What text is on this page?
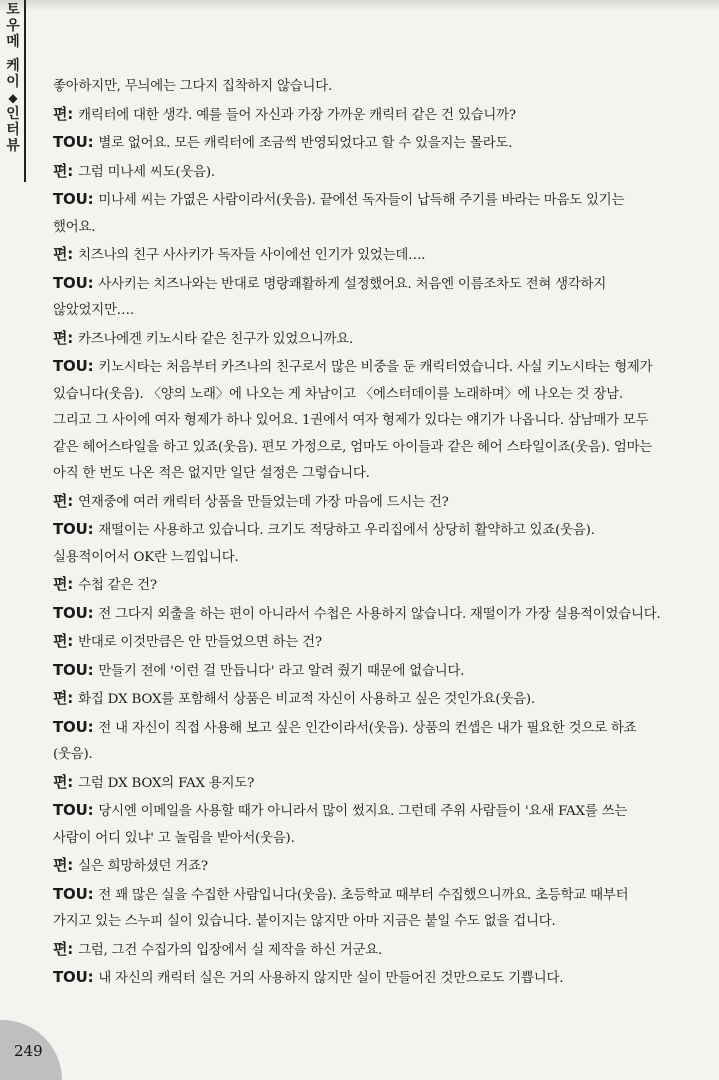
토
우
메
케
이
◆
인
터
뷰

좋아하지만, 무늬에는 그다지 집착하지 않습니다.

편: 캐릭터에 대한 생각. 예를 들어 자신과 가장 가까운 캐릭터 같은 건 있습니까?

TOU: 별로 없어요. 모든 캐릭터에 조금씩 반영되었다고 할 수 있을지는 몰라도.

편: 그럼 미나세 씨도(웃음).

TOU: 미나세 씨는 가엾은 사람이라서(웃음). 끝에선 독자들이 납득해 주기를 바라는 마음도 있기는 했어요.

편: 치즈나의 친구 사사키가 독자들 사이에선 인기가 있었는데….

TOU: 사사키는 치즈나와는 반대로 명랑쾌활하게 설정했어요. 처음엔 이름조차도 전혀 생각하지 않았었지만….

편: 카즈나에겐 키노시타 같은 친구가 있었으니까요.

TOU: 키노시타는 처음부터 카즈나의 친구로서 많은 비중을 둔 캐릭터였습니다. 사실 키노시타는 형제가 있습니다(웃음). 〈양의 노래〉에 나오는 게 차남이고 〈에스터데이를 노래하며〉에 나오는 것 장남. 그리고 그 사이에 여자 형제가 하나 있어요. 1권에서 여자 형제가 있다는 얘기가 나옵니다. 삼남매가 모두 같은 헤어스타일을 하고 있죠(웃음). 편모 가정으로, 엄마도 아이들과 같은 헤어 스타일이죠(웃음). 엄마는 아직 한 번도 나온 적은 없지만 일단 설정은 그렇습니다.

편: 연재중에 여러 캐릭터 상품을 만들었는데 가장 마음에 드시는 건?

TOU: 재떨이는 사용하고 있습니다. 크기도 적당하고 우리집에서 상당히 활약하고 있죠(웃음). 실용적이어서 OK란 느낌입니다.

편: 수첩 같은 건?

TOU: 전 그다지 외출을 하는 편이 아니라서 수첩은 사용하지 않습니다. 재떨이가 가장 실용적이었습니다.

편: 반대로 이것만큼은 안 만들었으면 하는 건?

TOU: 만들기 전에 '이런 걸 만듭니다' 라고 알려 줬기 때문에 없습니다.

편: 화집 DX BOX를 포함해서 상품은 비교적 자신이 사용하고 싶은 것인가요(웃음).

TOU: 전 내 자신이 직접 사용해 보고 싶은 인간이라서(웃음). 상품의 컨셉은 내가 필요한 것으로 하죠(웃음).

편: 그럼 DX BOX의 FAX 용지도?

TOU: 당시엔 이메일을 사용할 때가 아니라서 많이 썼지요. 그런데 주위 사람들이 '요새 FAX를 쓰는 사람이 어디 있냐' 고 놀림을 받아서(웃음).

편: 실은 희망하셨던 거죠?

TOU: 전 꽤 많은 실을 수집한 사람입니다(웃음). 초등학교 때부터 수집했으니까요. 초등학교 때부터 가지고 있는 스누피 실이 있습니다. 붙이지는 않지만 아마 지금은 붙일 수도 없을 겁니다.

편: 그럼, 그건 수집가의 입장에서 실 제작을 하신 거군요.

TOU: 내 자신의 캐릭터 실은 거의 사용하지 않지만 실이 만들어진 것만으로도 기쁩니다.

249
